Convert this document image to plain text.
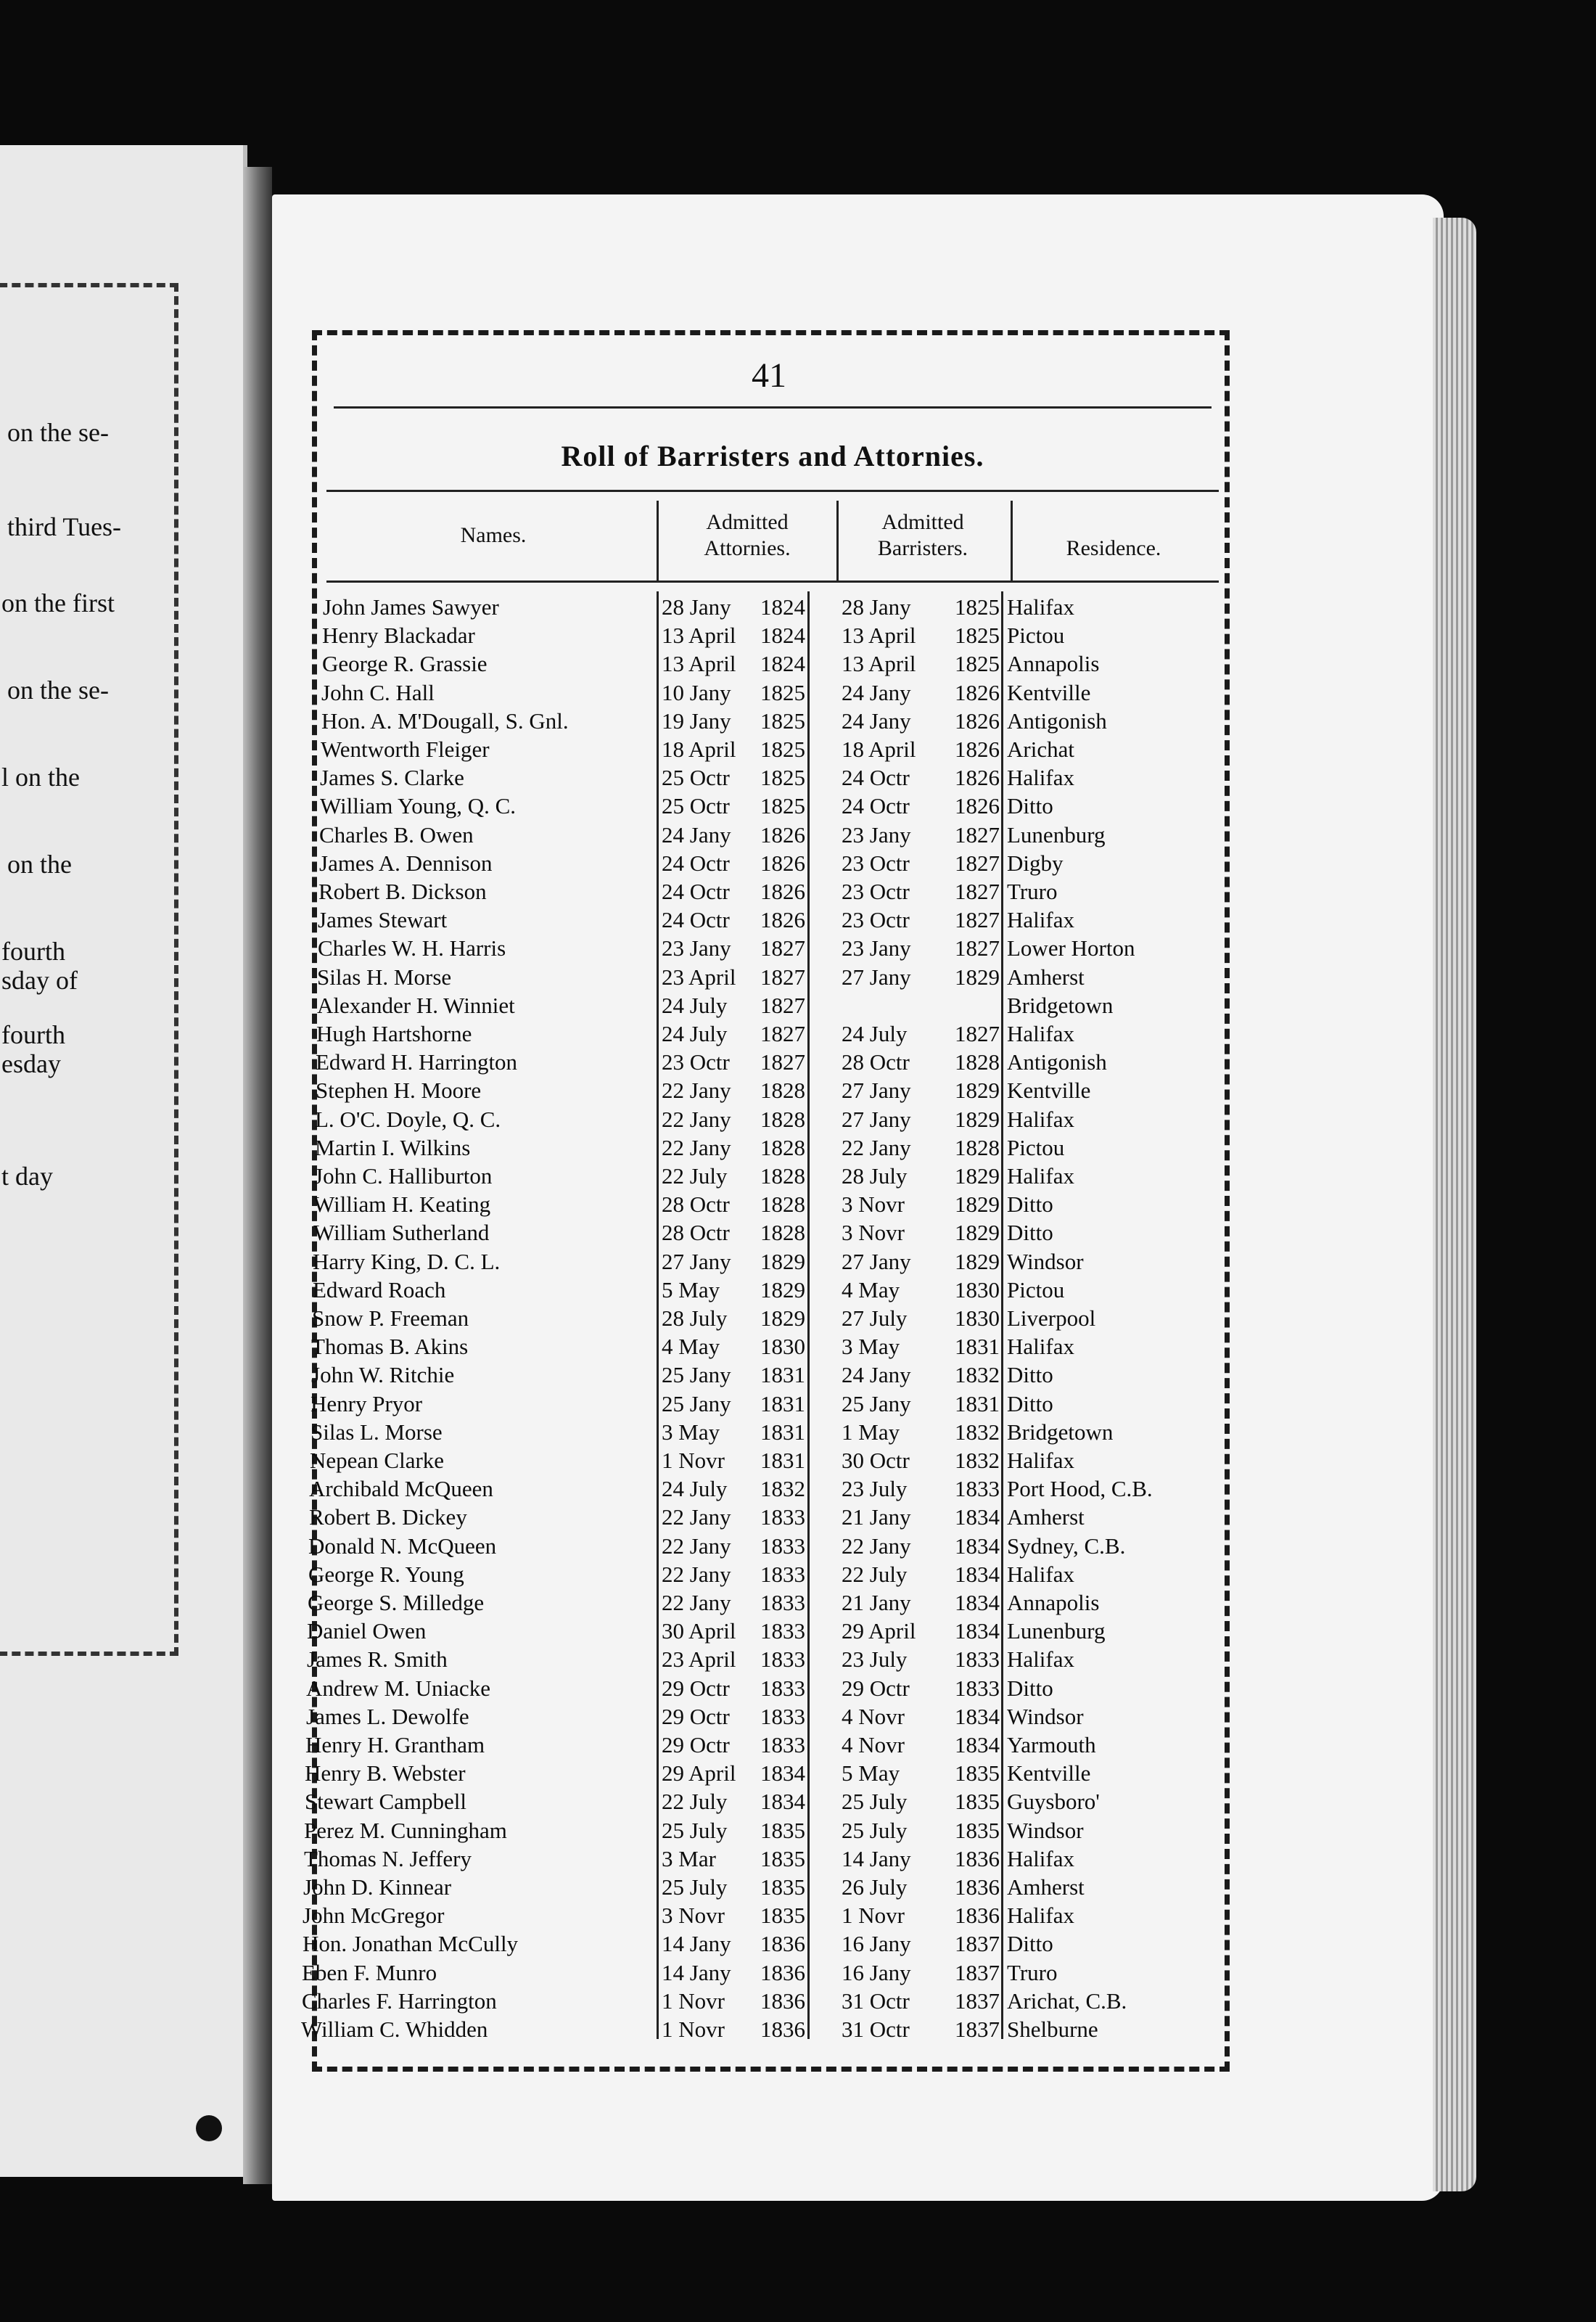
on the se-
third Tues-
on the first
on the se-
l on the
on the
fourth
sday of
fourth
esday
t day
41
Roll of Barristers and Attornies.
Names.
Admitted Attornies.
Admitted Barristers.	Residence.
John James Sawyer	28 Jany	1824 28 Jany	1825 Halifax
Henry Blackadar	13 April	1824 13 April	1825 Pictou
George R. Grassie	13 April	1824 13 April	1825 Annapolis
John C. Hall	10 Jany	1825 24 Jany	1826 Kentville
Hon. A. M'Dougall, S. Gnl.	19 Jany	1825 24 Jany	1826 Antigonish
Wentworth Fleiger	18 April	1825 18 April	1826 Arichat
James S. Clarke	25 Octr	1825 24 Octr	1826 Halifax
William Young, Q. C.	25 Octr	1825 24 Octr	1826 Ditto
Charles B. Owen	24 Jany	1826 23 Jany	1827 Lunenburg
James A. Dennison	24 Octr	1826 23 Octr	1827 Digby
Robert B. Dickson	24 Octr	1826 23 Octr	1827 Truro
James Stewart	24 Octr	1826 23 Octr	1827 Halifax
Charles W. H. Harris	23 Jany	1827 23 Jany	1827 Lower Horton
Silas H. Morse	23 April	1827 27 Jany	1829 Amherst
Alexander H. Winniet	24 July	1827	Bridgetown
Hugh Hartshorne	24 July	1827 24 July	1827 Halifax
Edward H. Harrington	23 Octr	1827 28 Octr	1828 Antigonish
Stephen H. Moore	22 Jany	1828 27 Jany	1829 Kentville
L. O'C. Doyle, Q. C.	22 Jany	1828 27 Jany	1829 Halifax
Martin I. Wilkins	22 Jany	1828 22 Jany	1828 Pictou
John C. Halliburton	22 July	1828 28 July	1829 Halifax
William H. Keating	28 Octr	1828 3 Novr	1829 Ditto
William Sutherland	28 Octr	1828 3 Novr	1829 Ditto
Harry King, D. C. L.	27 Jany	1829 27 Jany	1829 Windsor
Edward Roach	5 May	1829 4 May	1830 Pictou
Snow P. Freeman	28 July	1829 27 July	1830 Liverpool
Thomas B. Akins	4 May	1830 3 May	1831 Halifax
John W. Ritchie	25 Jany	1831 24 Jany	1832 Ditto
Henry Pryor	25 Jany	1831 25 Jany	1831 Ditto
Silas L. Morse	3 May	1831 1 May	1832 Bridgetown
Nepean Clarke	1 Novr	1831 30 Octr	1832 Halifax
Archibald McQueen	24 July	1832 23 July	1833 Port Hood, C.B.
Robert B. Dickey	22 Jany	1833 21 Jany	1834 Amherst
Donald N. McQueen	22 Jany	1833 22 Jany	1834 Sydney, C.B.
George R. Young	22 Jany	1833 22 July	1834 Halifax
George S. Milledge	22 Jany	1833 21 Jany	1834 Annapolis
Daniel Owen	30 April	1833 29 April	1834 Lunenburg
James R. Smith	23 April	1833 23 July	1833 Halifax
Andrew M. Uniacke	29 Octr	1833 29 Octr	1833 Ditto
James L. Dewolfe	29 Octr	1833 4 Novr	1834 Windsor
Henry H. Grantham	29 Octr	1833 4 Novr	1834 Yarmouth
Henry B. Webster	29 April	1834 5 May	1835 Kentville
Stewart Campbell	22 July	1834 25 July	1835 Guysboro'
Perez M. Cunningham	25 July	1835 25 July	1835 Windsor
Thomas N. Jeffery	3 Mar	1835 14 Jany	1836 Halifax
John D. Kinnear	25 July	1835 26 July	1836 Amherst
John McGregor	3 Novr	1835 1 Novr	1836 Halifax
Hon. Jonathan McCully	14 Jany	1836 16 Jany	1837 Ditto
Eben F. Munro	14 Jany	1836 16 Jany	1837 Truro
Charles F. Harrington	1 Novr	1836 31 Octr	1837 Arichat, C.B.
William C. Whidden	1 Novr	1836 31 Octr	1837 Shelburne
